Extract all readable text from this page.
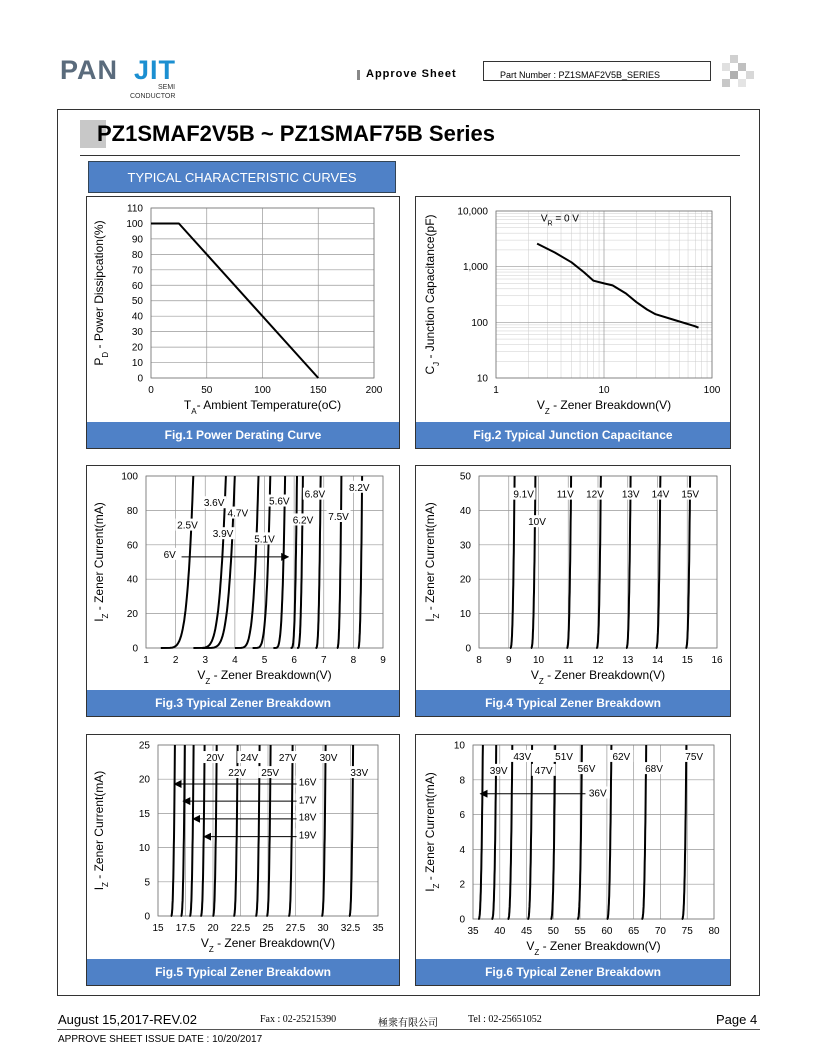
PAN JIT
SEMI
CONDUCTOR
Approve Sheet	Part Number : PZ1SMAF2V5B_SERIES
PZ1SMAF2V5B ~ PZ1SMAF75B Series
TYPICAL CHARACTERISTIC CURVES
0	50	100	150	200
0
10
20
30
40
50
60
70
80
90
100
110
$T_A-$ Ambient Temperature(oC)
$P_D$ - Power Dissipcation(%)
Fig.1 Power Derating Curve
1	10	100
10
100
1,000
10,000
$V_Z$ - Zener Breakdown(V)
$C_J$ - Junction Capacitance(pF)	$V_R = 0$ V
Fig.2 Typical Junction Capacitance
1 2 3 4 5 6 7 8 9
0
20
40
60
80
100
$V_Z$ - Zener Breakdown(V)
$I_Z$ - Zener Current(mA)	3.6V
2.5V
4.7V
3.9V
5.6V
5.1V
6.8V
6.2V 7.5V
8.2V
6V
Fig.3 Typical Zener Breakdown
8 9 10 11 12 13 14 15 16
0
10
20
30
40
50
$V_Z$ - Zener Breakdown(V)
$I_Z$ - Zener Current(mA)
9.1V
10V
11V 12V 13V 14V 15V
Fig.4 Typical Zener Breakdown
15 17.5 20 22.5 25 27.5 30 32.5 35
0
5
10
15
20
25
$V_Z$ - Zener Breakdown(V)
$I_Z$ - Zener Current(mA)
20V 24V 27V 30V
22V 25V	33V
16V
17V
18V
19V
Fig.5 Typical Zener Breakdown
35 40 45 50 55 60 65 70 75 80
0
2
4
6
8
10
$V_Z$ - Zener Breakdown(V)
$I_Z$ - Zener Current(mA)
43V 51V	62V	75V
39V	47V	56V	68V
36V
Fig.6 Typical Zener Breakdown
August 15,2017-REV.02	Fax : 02-25215390	極衆有限公司	Tel : 02-25651052	Page 4
APPROVE SHEET ISSUE DATE : 10/20/2017
